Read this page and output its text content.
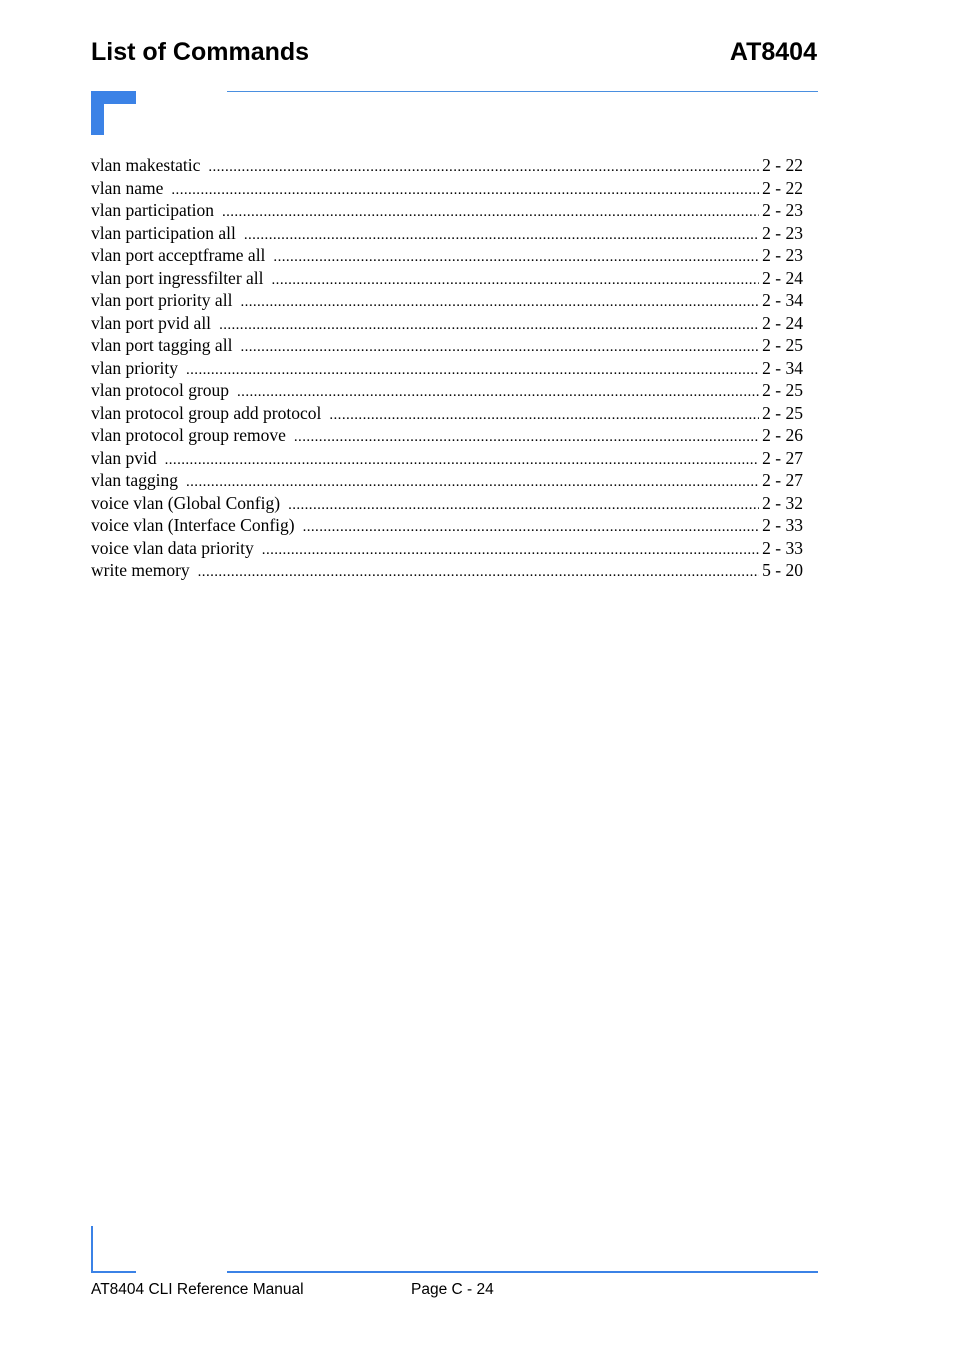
List of Commands	AT8404
vlan makestatic .....	2 - 22
vlan name .....	2 - 22
vlan participation .....	2 - 23
vlan participation all .....	2 - 23
vlan port acceptframe all .....	2 - 23
vlan port ingressfilter all .....	2 - 24
vlan port priority all .....	2 - 34
vlan port pvid all .....	2 - 24
vlan port tagging all .....	2 - 25
vlan priority .....	2 - 34
vlan protocol group .....	2 - 25
vlan protocol group add protocol .....	2 - 25
vlan protocol group remove .....	2 - 26
vlan pvid .....	2 - 27
vlan tagging .....	2 - 27
voice vlan (Global Config) .....	2 - 32
voice vlan (Interface Config) .....	2 - 33
voice vlan data priority .....	2 - 33
write memory .....	5 - 20
AT8404 CLI Reference Manual	Page C - 24
